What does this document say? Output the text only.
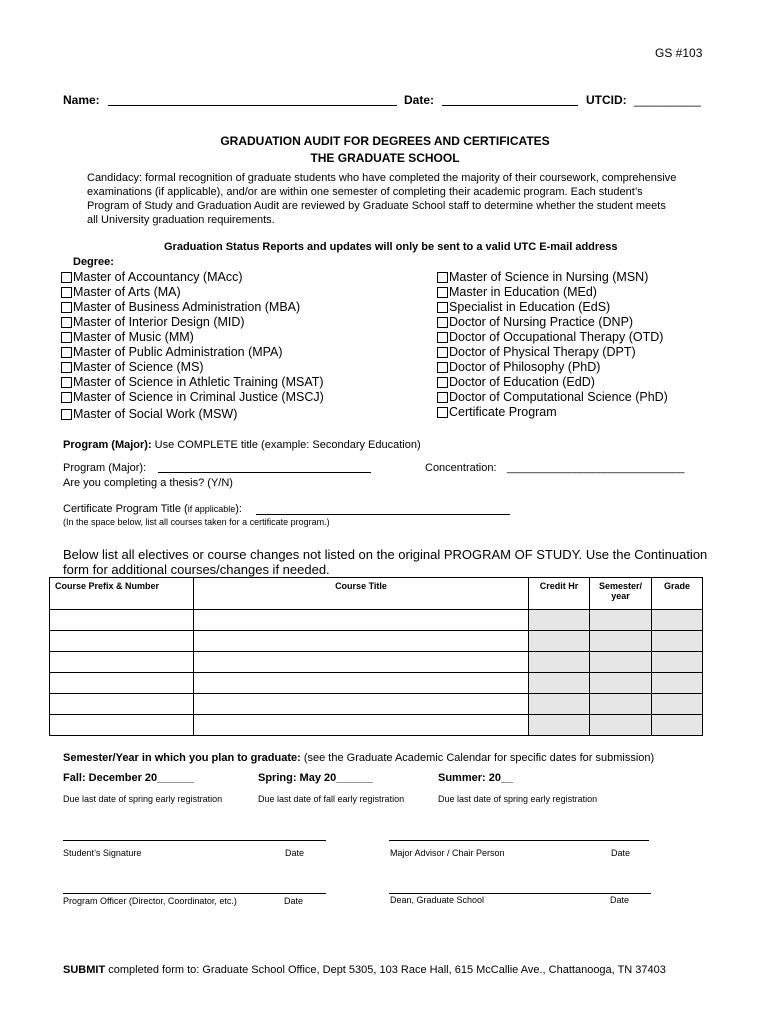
GS #103
Name:	Date:	UTCID: __________
GRADUATION AUDIT FOR DEGREES AND CERTIFICATES
THE GRADUATE SCHOOL
Candidacy: formal recognition of graduate students who have completed the majority of their coursework, comprehensive
examinations (if applicable), and/or are within one semester of completing their academic program. Each student’s
Program of Study and Graduation Audit are reviewed by Graduate School staff to determine whether the student meets
all University graduation requirements.
Graduation Status Reports and updates will only be sent to a valid UTC E-mail address
Degree:
Master of Accountancy (MAcc)
Master of Arts (MA)
Master of Business Administration (MBA)
Master of Interior Design (MID)
Master of Music (MM)
Master of Public Administration (MPA)
Master of Science (MS)
Master of Science in Athletic Training (MSAT)
Master of Science in Criminal Justice (MSCJ)
Master of Social Work (MSW)
Master of Science in Nursing (MSN)
Master in Education (MEd)
Specialist in Education (EdS)
Doctor of Nursing Practice (DNP)
Doctor of Occupational Therapy (OTD)
Doctor of Physical Therapy (DPT)
Doctor of Philosophy (PhD)
Doctor of Education (EdD)
Doctor of Computational Science (PhD)
Certificate Program
Program (Major): Use COMPLETE title (example: Secondary Education)
Program (Major):	Concentration: _____________________________
Are you completing a thesis? (Y/N)
Certificate Program Title (if applicable):
(In the space below, list all courses taken for a certificate program.)
Below list all electives or course changes not listed on the original PROGRAM OF STUDY. Use the Continuation
form for additional courses/changes if needed.
Course Prefix & Number	Course Title	Credit Hr	Semester/
year	Grade

Semester/Year in which you plan to graduate: (see the Graduate Academic Calendar for specific dates for submission)
Fall: December 20______	Spring: May 20______	Summer: 20__
Due last date of spring early registration	Due last date of fall early registration	Due last date of spring early registration
Student’s Signature	Date	Major Advisor / Chair Person	Date
Program Officer (Director, Coordinator, etc.)	Date	Dean, Graduate School	Date
SUBMIT completed form to: Graduate School Office, Dept 5305, 103 Race Hall, 615 McCallie Ave., Chattanooga, TN 37403
